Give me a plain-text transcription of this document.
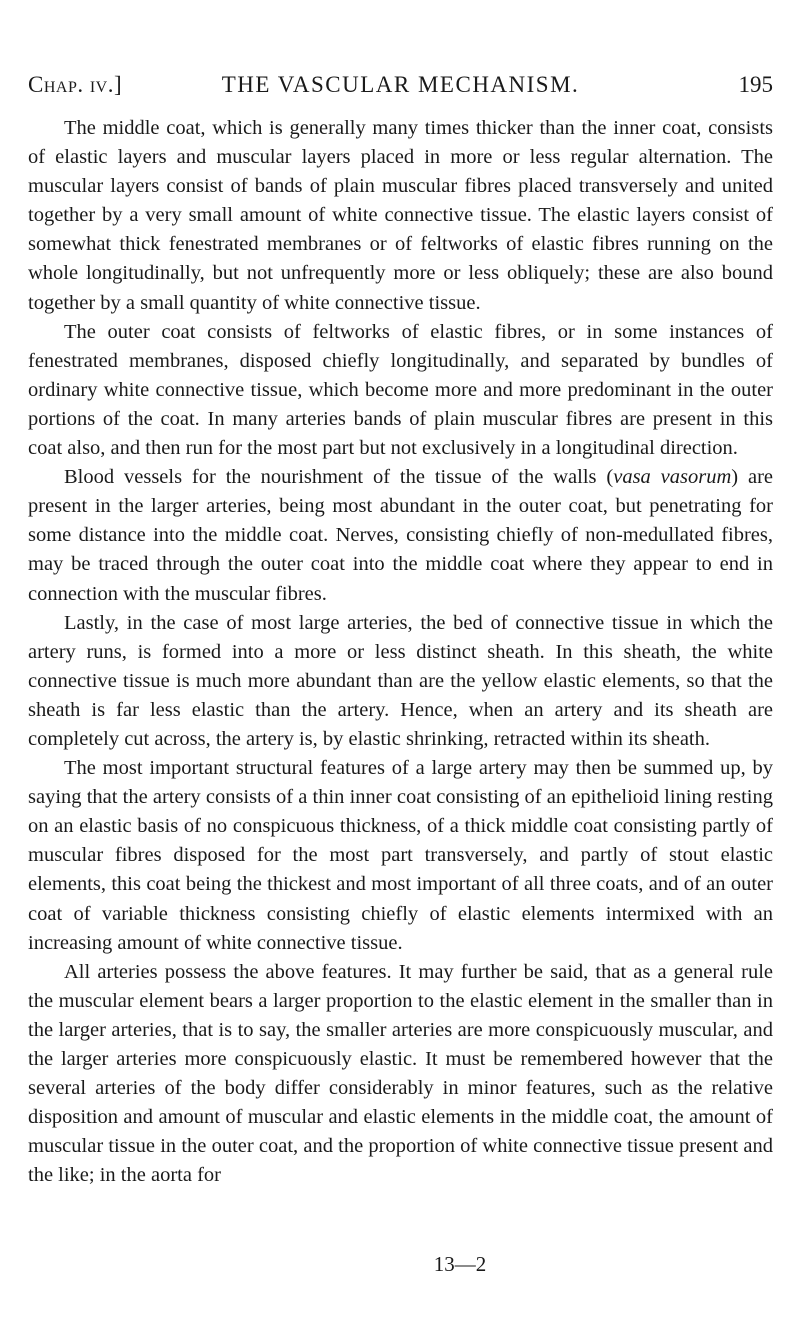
Chap. iv.]	THE VASCULAR MECHANISM.	195

The middle coat, which is generally many times thicker than the inner coat, consists of elastic layers and muscular layers placed in more or less regular alternation. The muscular layers consist of bands of plain muscular fibres placed transversely and united together by a very small amount of white connective tissue. The elastic layers consist of somewhat thick fenestrated membranes or of feltworks of elastic fibres running on the whole longitudinally, but not unfrequently more or less obliquely; these are also bound together by a small quantity of white connective tissue.

The outer coat consists of feltworks of elastic fibres, or in some instances of fenestrated membranes, disposed chiefly longitudinally, and separated by bundles of ordinary white connective tissue, which become more and more predominant in the outer portions of the coat. In many arteries bands of plain muscular fibres are present in this coat also, and then run for the most part but not exclusively in a longitudinal direction.

Blood vessels for the nourishment of the tissue of the walls (vasa vasorum) are present in the larger arteries, being most abundant in the outer coat, but penetrating for some distance into the middle coat. Nerves, consisting chiefly of non-medullated fibres, may be traced through the outer coat into the middle coat where they appear to end in connection with the muscular fibres.

Lastly, in the case of most large arteries, the bed of connective tissue in which the artery runs, is formed into a more or less distinct sheath. In this sheath, the white connective tissue is much more abundant than are the yellow elastic elements, so that the sheath is far less elastic than the artery. Hence, when an artery and its sheath are completely cut across, the artery is, by elastic shrinking, retracted within its sheath.

The most important structural features of a large artery may then be summed up, by saying that the artery consists of a thin inner coat consisting of an epithelioid lining resting on an elastic basis of no conspicuous thickness, of a thick middle coat consisting partly of muscular fibres disposed for the most part transversely, and partly of stout elastic elements, this coat being the thickest and most important of all three coats, and of an outer coat of variable thickness consisting chiefly of elastic elements intermixed with an increasing amount of white connective tissue.

All arteries possess the above features. It may further be said, that as a general rule the muscular element bears a larger proportion to the elastic element in the smaller than in the larger arteries, that is to say, the smaller arteries are more conspicuously muscular, and the larger arteries more conspicuously elastic. It must be remembered however that the several arteries of the body differ considerably in minor features, such as the relative disposition and amount of muscular and elastic elements in the middle coat, the amount of muscular tissue in the outer coat, and the proportion of white connective tissue present and the like; in the aorta for

13—2
